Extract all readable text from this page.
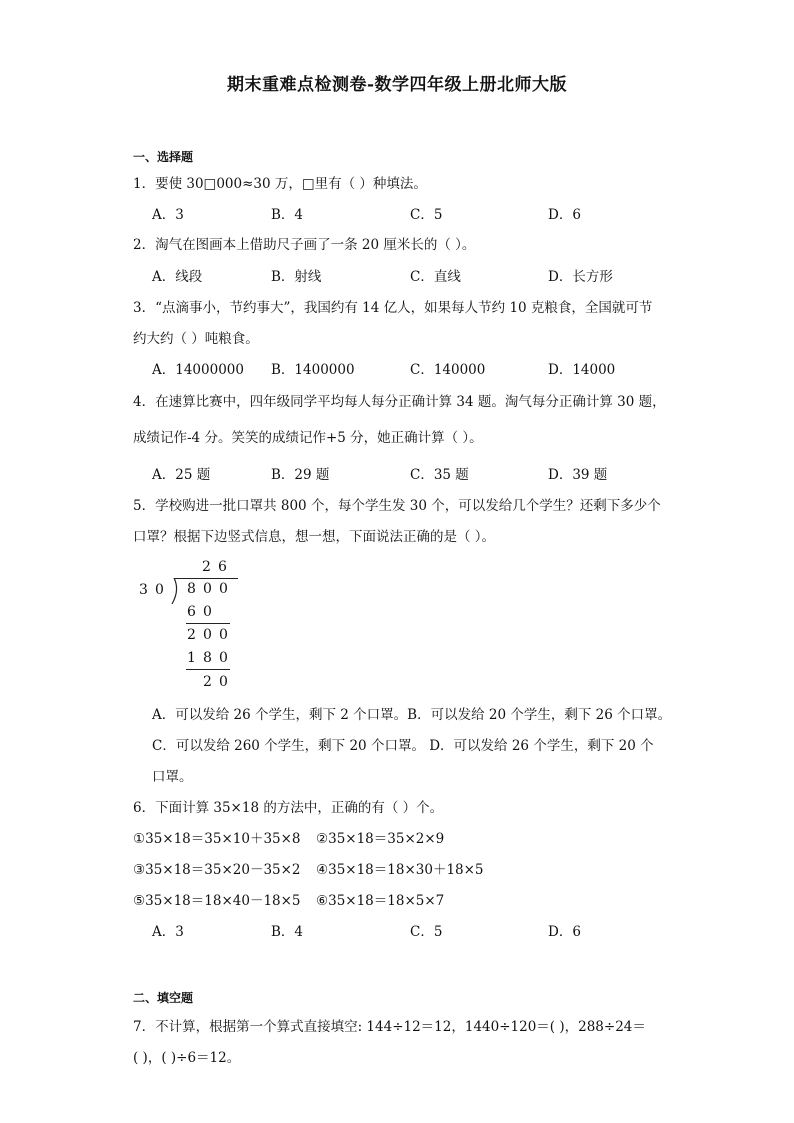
期末重难点检测卷-数学四年级上册北师大版
一、选择题
1．要使 30□000≈30 万，□里有（ ）种填法。
A．3	B．4	C．5	D．6
2．淘气在图画本上借助尺子画了一条 20 厘米长的（ ）。
A．线段	B．射线	C．直线	D．长方形
3．“点滴事小，节约事大”，我国约有 14 亿人，如果每人节约 10 克粮食，全国就可节
约大约（ ）吨粮食。
A．14000000 B．1400000	C．140000	D．14000
4．在速算比赛中，四年级同学平均每人每分正确计算 34 题。淘气每分正确计算 30 题，
成绩记作-4 分。笑笑的成绩记作+5 分，她正确计算（ ）。
A．25 题	B．29 题	C．35 题	D．39 题
5．学校购进一批口罩共 800 个，每个学生发 30 个，可以发给几个学生？还剩下多少个
口罩？根据下边竖式信息，想一想，下面说法正确的是（ ）。
2 6
3 0 8 0 0
6 0
2 0 0
1 8 0
2 0
A．可以发给 26 个学生，剩下 2 个口罩。B．可以发给 20 个学生，剩下 26 个口罩。
C．可以发给 260 个学生，剩下 20 个口罩。 D．可以发给 26 个学生，剩下 20 个
口罩。
6．下面计算 35×18 的方法中，正确的有（ ）个。
①35×18＝35×10＋35×8 ②35×18＝35×2×9
③35×18＝35×20－35×2 ④35×18＝18×30＋18×5
⑤35×18＝18×40－18×5 ⑥35×18＝18×5×7
A．3	B．4	C．5	D．6
二、填空题
7．不计算，根据第一个算式直接填空: 144÷12＝12，1440÷120＝( )，288÷24＝
( )，( )÷6＝12。
